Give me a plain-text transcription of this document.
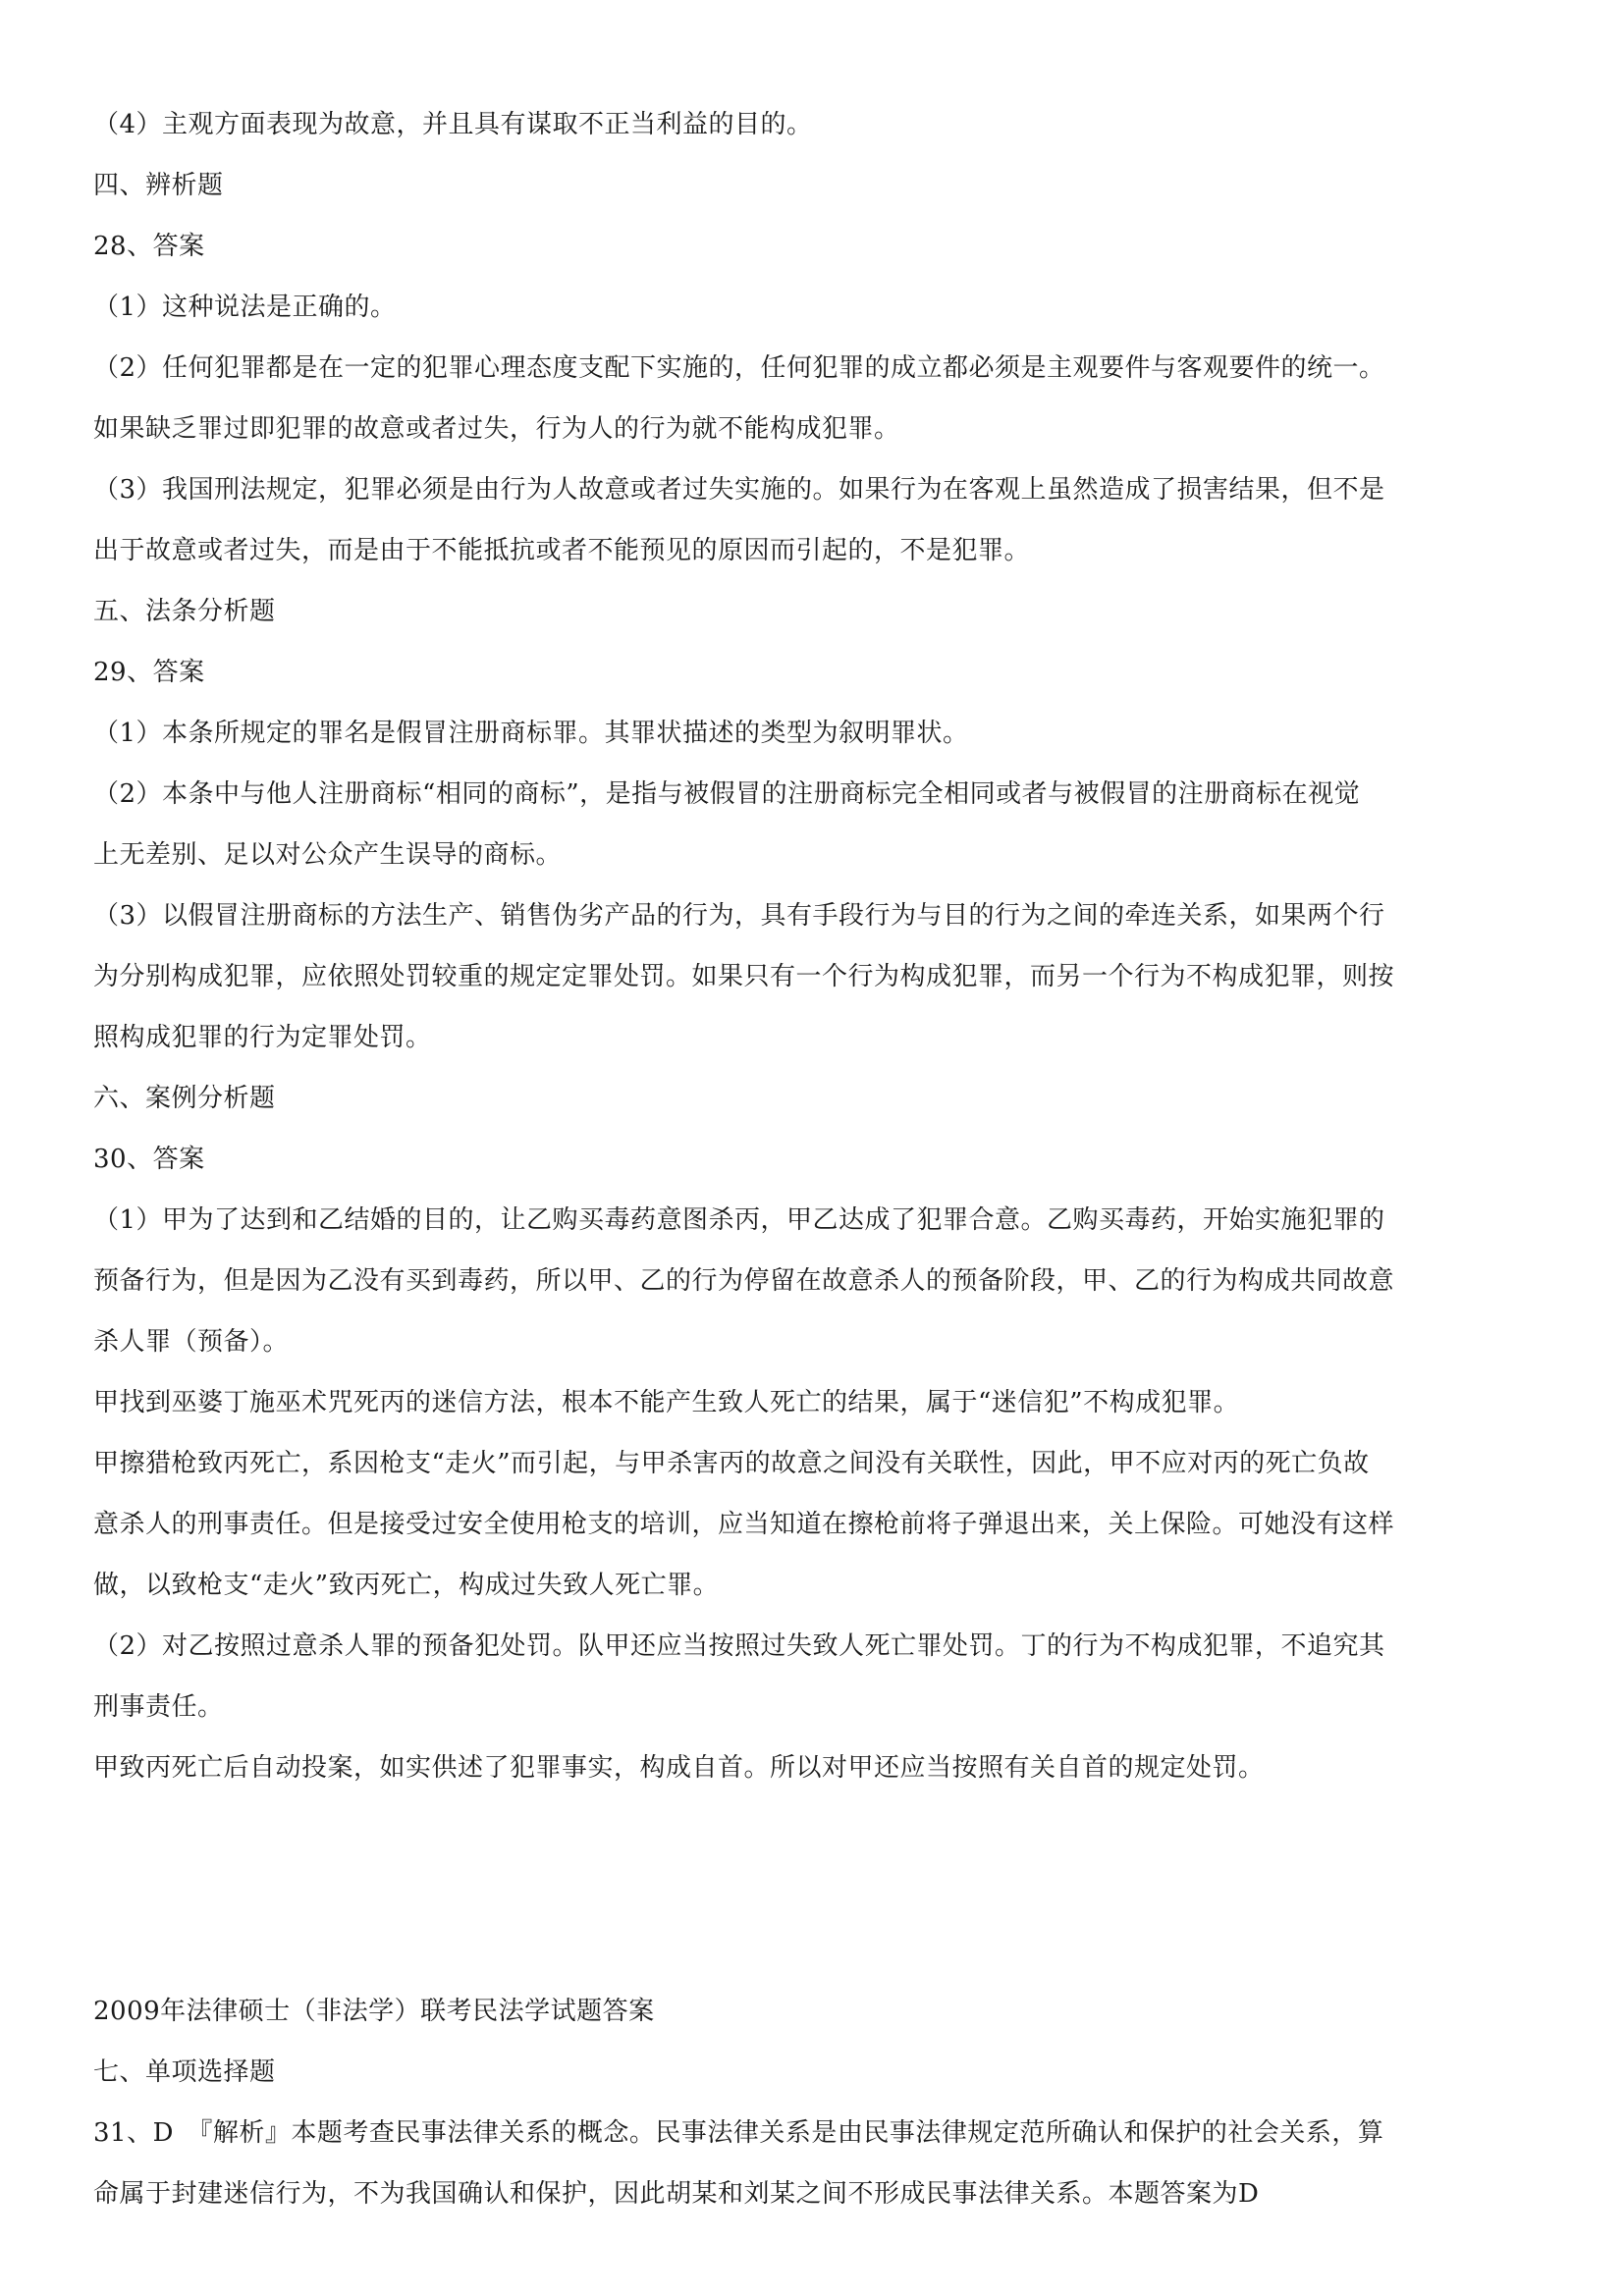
（4）主观方面表现为故意，并且具有谋取不正当利益的目的。
四、辨析题
28、答案
（1）这种说法是正确的。
（2）任何犯罪都是在一定的犯罪心理态度支配下实施的，任何犯罪的成立都必须是主观要件与客观要件的统一。
如果缺乏罪过即犯罪的故意或者过失，行为人的行为就不能构成犯罪。
（3）我国刑法规定，犯罪必须是由行为人故意或者过失实施的。如果行为在客观上虽然造成了损害结果，但不是
出于故意或者过失，而是由于不能抵抗或者不能预见的原因而引起的，不是犯罪。
五、法条分析题
29、答案
（1）本条所规定的罪名是假冒注册商标罪。其罪状描述的类型为叙明罪状。
（2）本条中与他人注册商标“相同的商标”，是指与被假冒的注册商标完全相同或者与被假冒的注册商标在视觉
上无差别、足以对公众产生误导的商标。
（3）以假冒注册商标的方法生产、销售伪劣产品的行为，具有手段行为与目的行为之间的牵连关系，如果两个行
为分别构成犯罪，应依照处罚较重的规定定罪处罚。如果只有一个行为构成犯罪，而另一个行为不构成犯罪，则按
照构成犯罪的行为定罪处罚。
六、案例分析题
30、答案
（1）甲为了达到和乙结婚的目的，让乙购买毒药意图杀丙，甲乙达成了犯罪合意。乙购买毒药，开始实施犯罪的
预备行为，但是因为乙没有买到毒药，所以甲、乙的行为停留在故意杀人的预备阶段，甲、乙的行为构成共同故意
杀人罪（预备）。
甲找到巫婆丁施巫术咒死丙的迷信方法，根本不能产生致人死亡的结果，属于“迷信犯”不构成犯罪。
甲擦猎枪致丙死亡，系因枪支“走火”而引起，与甲杀害丙的故意之间没有关联性，因此，甲不应对丙的死亡负故
意杀人的刑事责任。但是接受过安全使用枪支的培训，应当知道在擦枪前将子弹退出来，关上保险。可她没有这样
做，以致枪支“走火”致丙死亡，构成过失致人死亡罪。
（2）对乙按照过意杀人罪的预备犯处罚。队甲还应当按照过失致人死亡罪处罚。丁的行为不构成犯罪，不追究其
刑事责任。
甲致丙死亡后自动投案，如实供述了犯罪事实，构成自首。所以对甲还应当按照有关自首的规定处罚。
2009年法律硕士（非法学）联考民法学试题答案
七、单项选择题
31、D　『解析』本题考查民事法律关系的概念。民事法律关系是由民事法律规定范所确认和保护的社会关系，算
命属于封建迷信行为，不为我国确认和保护，因此胡某和刘某之间不形成民事法律关系。本题答案为D
